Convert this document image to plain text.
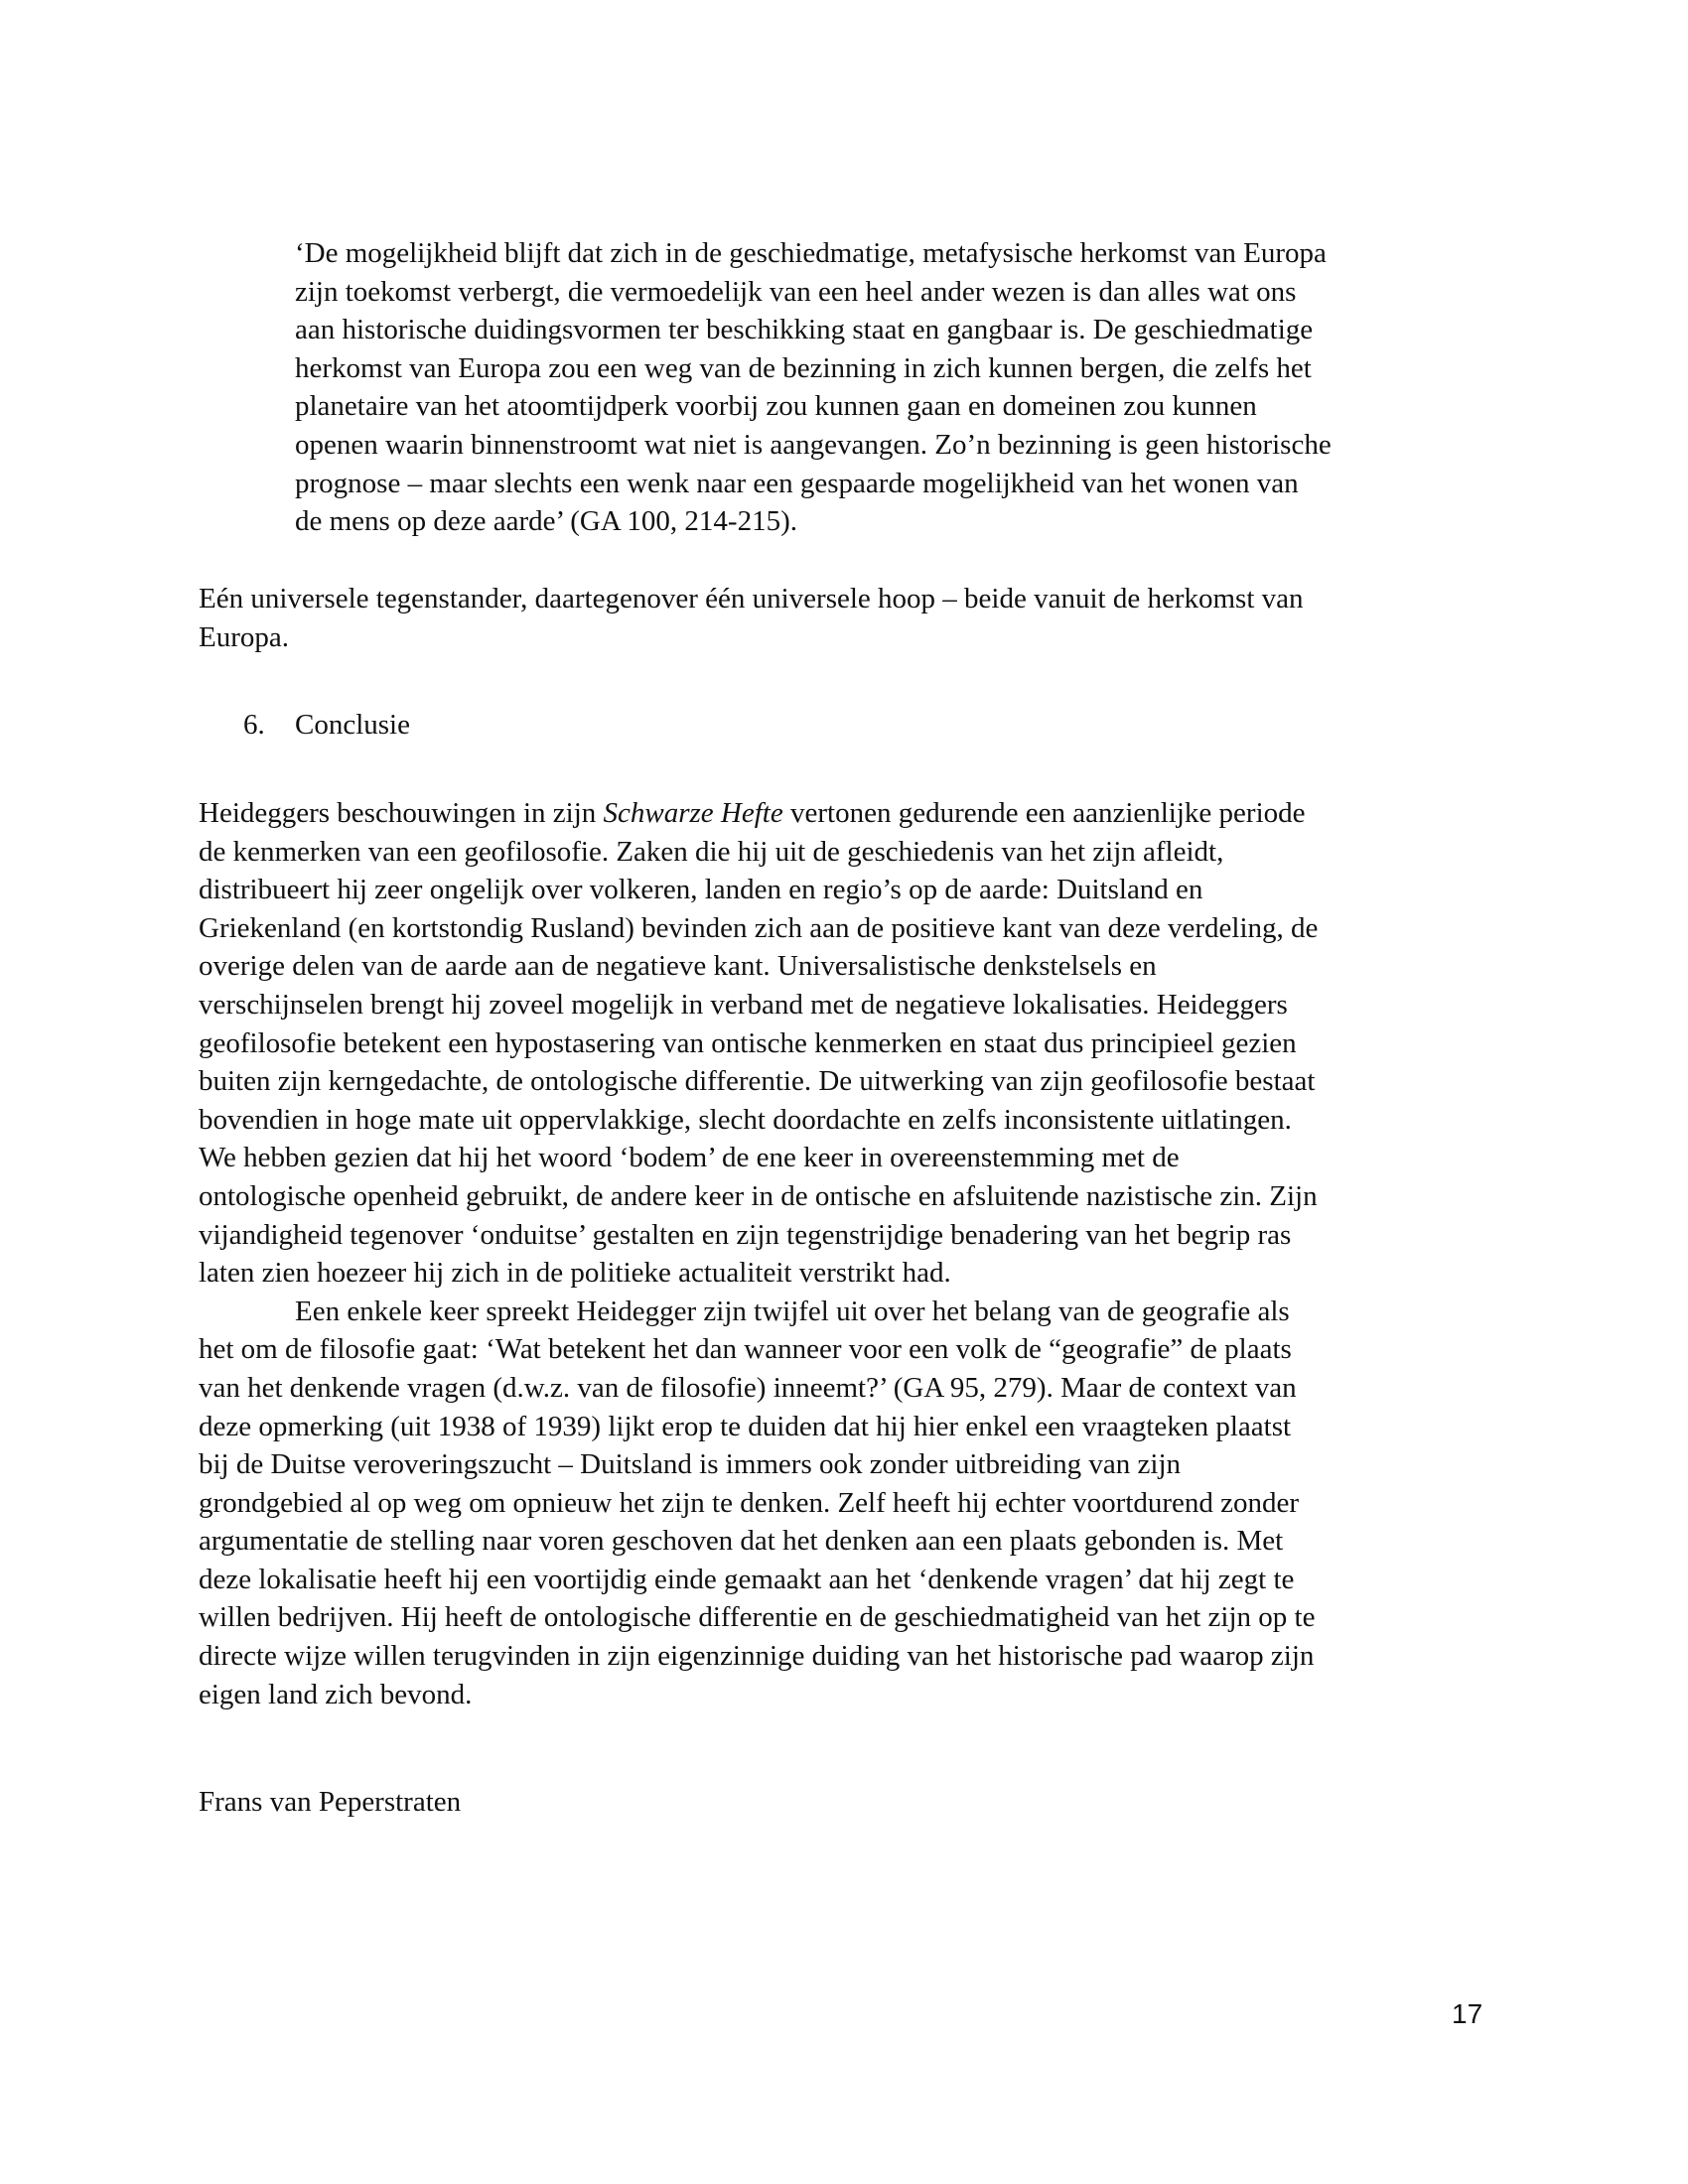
‘De mogelijkheid blijft dat zich in de geschiedmatige, metafysische herkomst van Europa
zijn toekomst verbergt, die vermoedelijk van een heel ander wezen is dan alles wat ons
aan historische duidingsvormen ter beschikking staat en gangbaar is. De geschiedmatige
herkomst van Europa zou een weg van de bezinning in zich kunnen bergen, die zelfs het
planetaire van het atoomtijdperk voorbij zou kunnen gaan en domeinen zou kunnen
openen waarin binnenstroomt wat niet is aangevangen. Zo’n bezinning is geen historische
prognose – maar slechts een wenk naar een gespaarde mogelijkheid van het wonen van
de mens op deze aarde’ (GA 100, 214-215).
Eén universele tegenstander, daartegenover één universele hoop – beide vanuit de herkomst van
Europa.
6. Conclusie
Heideggers beschouwingen in zijn Schwarze Hefte vertonen gedurende een aanzienlijke periode
de kenmerken van een geofilosofie. Zaken die hij uit de geschiedenis van het zijn afleidt,
distribueert hij zeer ongelijk over volkeren, landen en regio’s op de aarde: Duitsland en
Griekenland (en kortstondig Rusland) bevinden zich aan de positieve kant van deze verdeling, de
overige delen van de aarde aan de negatieve kant. Universalistische denkstelsels en
verschijnselen brengt hij zoveel mogelijk in verband met de negatieve lokalisaties. Heideggers
geofilosofie betekent een hypostasering van ontische kenmerken en staat dus principieel gezien
buiten zijn kerngedachte, de ontologische differentie. De uitwerking van zijn geofilosofie bestaat
bovendien in hoge mate uit oppervlakkige, slecht doordachte en zelfs inconsistente uitlatingen.
We hebben gezien dat hij het woord ‘bodem’ de ene keer in overeenstemming met de
ontologische openheid gebruikt, de andere keer in de ontische en afsluitende nazistische zin. Zijn
vijandigheid tegenover ‘onduitse’ gestalten en zijn tegenstrijdige benadering van het begrip ras
laten zien hoezeer hij zich in de politieke actualiteit verstrikt had.
Een enkele keer spreekt Heidegger zijn twijfel uit over het belang van de geografie als
het om de filosofie gaat: ‘Wat betekent het dan wanneer voor een volk de “geografie” de plaats
van het denkende vragen (d.w.z. van de filosofie) inneemt?’ (GA 95, 279). Maar de context van
deze opmerking (uit 1938 of 1939) lijkt erop te duiden dat hij hier enkel een vraagteken plaatst
bij de Duitse veroveringszucht – Duitsland is immers ook zonder uitbreiding van zijn
grondgebied al op weg om opnieuw het zijn te denken. Zelf heeft hij echter voortdurend zonder
argumentatie de stelling naar voren geschoven dat het denken aan een plaats gebonden is. Met
deze lokalisatie heeft hij een voortijdig einde gemaakt aan het ‘denkende vragen’ dat hij zegt te
willen bedrijven. Hij heeft de ontologische differentie en de geschiedmatigheid van het zijn op te
directe wijze willen terugvinden in zijn eigenzinnige duiding van het historische pad waarop zijn
eigen land zich bevond.
Frans van Peperstraten
17
